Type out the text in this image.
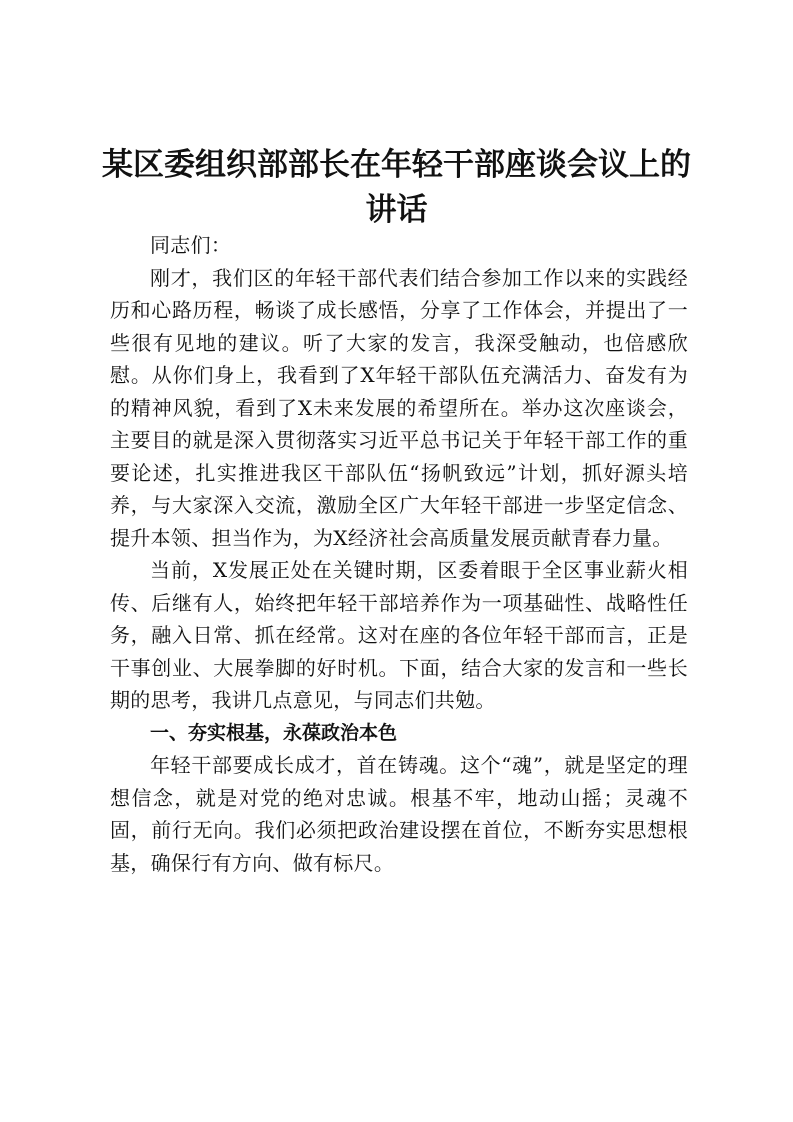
某区委组织部部长在年轻干部座谈会议上的讲话

同志们：

刚才，我们区的年轻干部代表们结合参加工作以来的实践经历和心路历程，畅谈了成长感悟，分享了工作体会，并提出了一些很有见地的建议。听了大家的发言，我深受触动，也倍感欣慰。从你们身上，我看到了X年轻干部队伍充满活力、奋发有为的精神风貌，看到了X未来发展的希望所在。举办这次座谈会，主要目的就是深入贯彻落实习近平总书记关于年轻干部工作的重要论述，扎实推进我区干部队伍“扬帆致远”计划，抓好源头培养，与大家深入交流，激励全区广大年轻干部进一步坚定信念、提升本领、担当作为，为X经济社会高质量发展贡献青春力量。

当前，X发展正处在关键时期，区委着眼于全区事业薪火相传、后继有人，始终把年轻干部培养作为一项基础性、战略性任务，融入日常、抓在经常。这对在座的各位年轻干部而言，正是干事创业、大展拳脚的好时机。下面，结合大家的发言和一些长期的思考，我讲几点意见，与同志们共勉。

一、夯实根基，永葆政治本色

年轻干部要成长成才，首在铸魂。这个“魂”，就是坚定的理想信念，就是对党的绝对忠诚。根基不牢，地动山摇；灵魂不固，前行无向。我们必须把政治建设摆在首位，不断夯实思想根基，确保行有方向、做有标尺。
